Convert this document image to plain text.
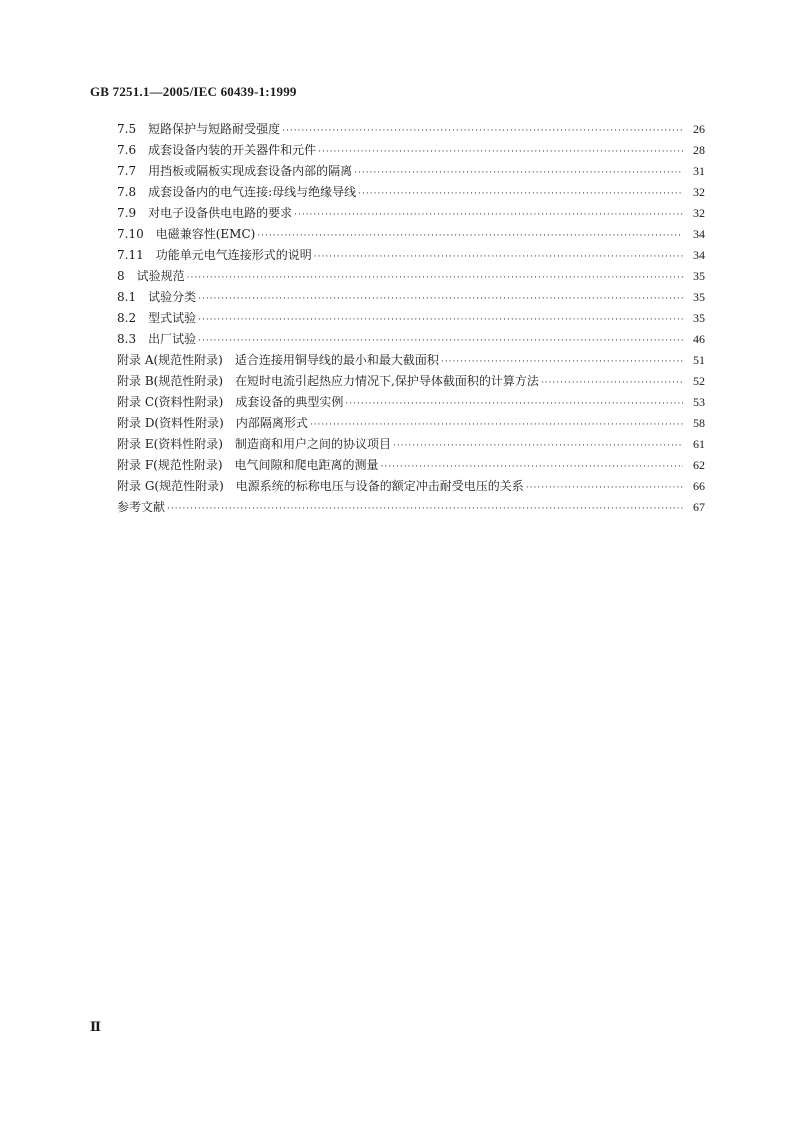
GB 7251.1—2005/IEC 60439-1:1999
7.5 短路保护与短路耐受强度 ·····	26
7.6 成套设备内装的开关器件和元件 ·····	28
7.7 用挡板或隔板实现成套设备内部的隔离 ·····	31
7.8 成套设备内的电气连接:母线与绝缘导线 ·····	32
7.9 对电子设备供电电路的要求 ·····	32
7.10 电磁兼容性(EMC) ·····	34
7.11 功能单元电气连接形式的说明 ·····	34
8 试验规范 ·····	35
8.1 试验分类 ·····	35
8.2 型式试验 ·····	35
8.3 出厂试验 ·····	46
附录 A(规范性附录) 适合连接用铜导线的最小和最大截面积 ·····	51
附录 B(规范性附录) 在短时电流引起热应力情况下,保护导体截面积的计算方法 ·····	52
附录 C(资料性附录) 成套设备的典型实例 ·····	53
附录 D(资料性附录) 内部隔离形式 ·····	58
附录 E(资料性附录) 制造商和用户之间的协议项目 ·····	61
附录 F(规范性附录) 电气间隙和爬电距离的测量 ·····	62
附录 G(规范性附录) 电源系统的标称电压与设备的额定冲击耐受电压的关系 ·····	66
参考文献 ·····	67
Ⅱ
